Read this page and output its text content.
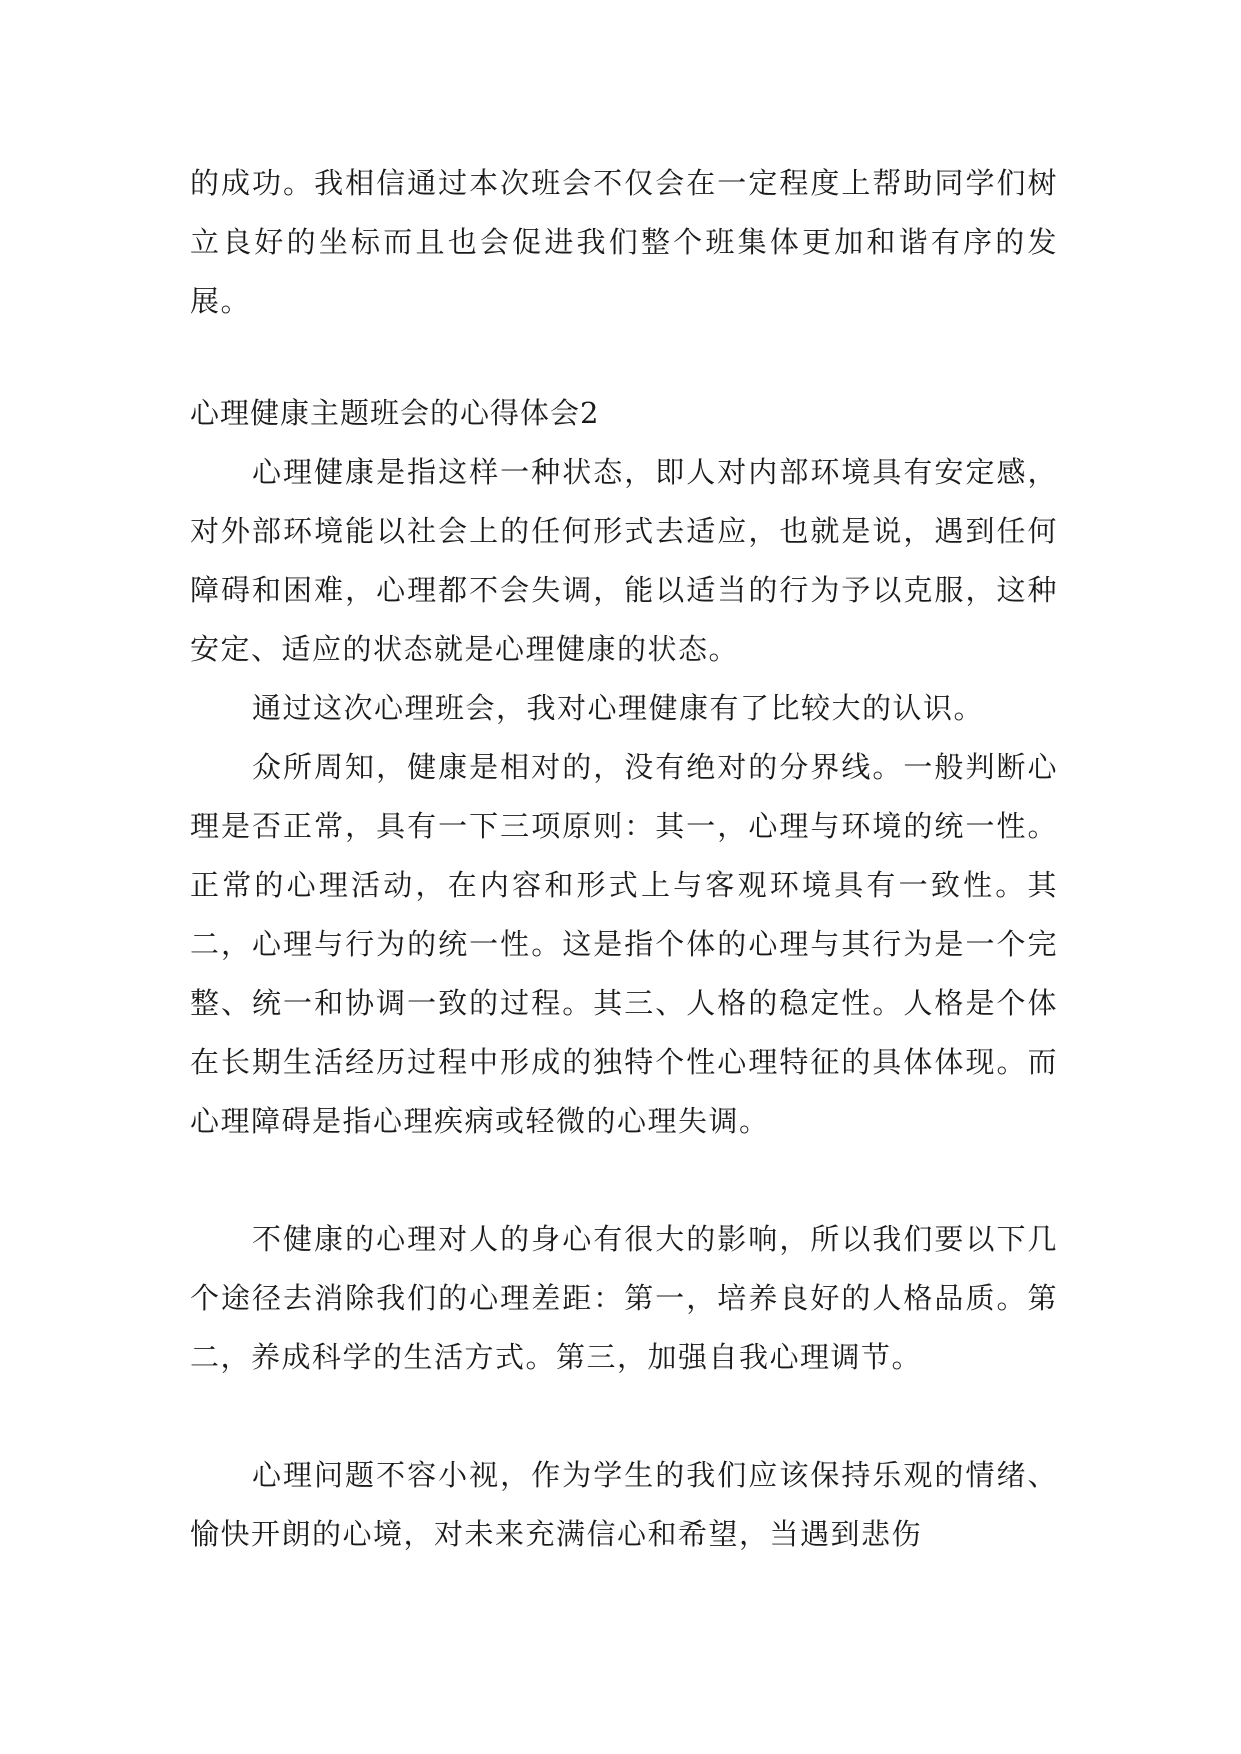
的成功。我相信通过本次班会不仅会在一定程度上帮助同学们树立良好的坐标而且也会促进我们整个班集体更加和谐有序的发展。

心理健康主题班会的心得体会2

心理健康是指这样一种状态，即人对内部环境具有安定感，对外部环境能以社会上的任何形式去适应，也就是说，遇到任何障碍和困难，心理都不会失调，能以适当的行为予以克服，这种安定、适应的状态就是心理健康的状态。

通过这次心理班会，我对心理健康有了比较大的认识。

众所周知，健康是相对的，没有绝对的分界线。一般判断心理是否正常，具有一下三项原则：其一，心理与环境的统一性。正常的心理活动，在内容和形式上与客观环境具有一致性。其二，心理与行为的统一性。这是指个体的心理与其行为是一个完整、统一和协调一致的过程。其三、人格的稳定性。人格是个体在长期生活经历过程中形成的独特个性心理特征的具体体现。而心理障碍是指心理疾病或轻微的心理失调。

不健康的心理对人的身心有很大的影响，所以我们要以下几个途径去消除我们的心理差距：第一，培养良好的人格品质。第二，养成科学的生活方式。第三，加强自我心理调节。

心理问题不容小视，作为学生的我们应该保持乐观的情绪、愉快开朗的心境，对未来充满信心和希望，当遇到悲伤
